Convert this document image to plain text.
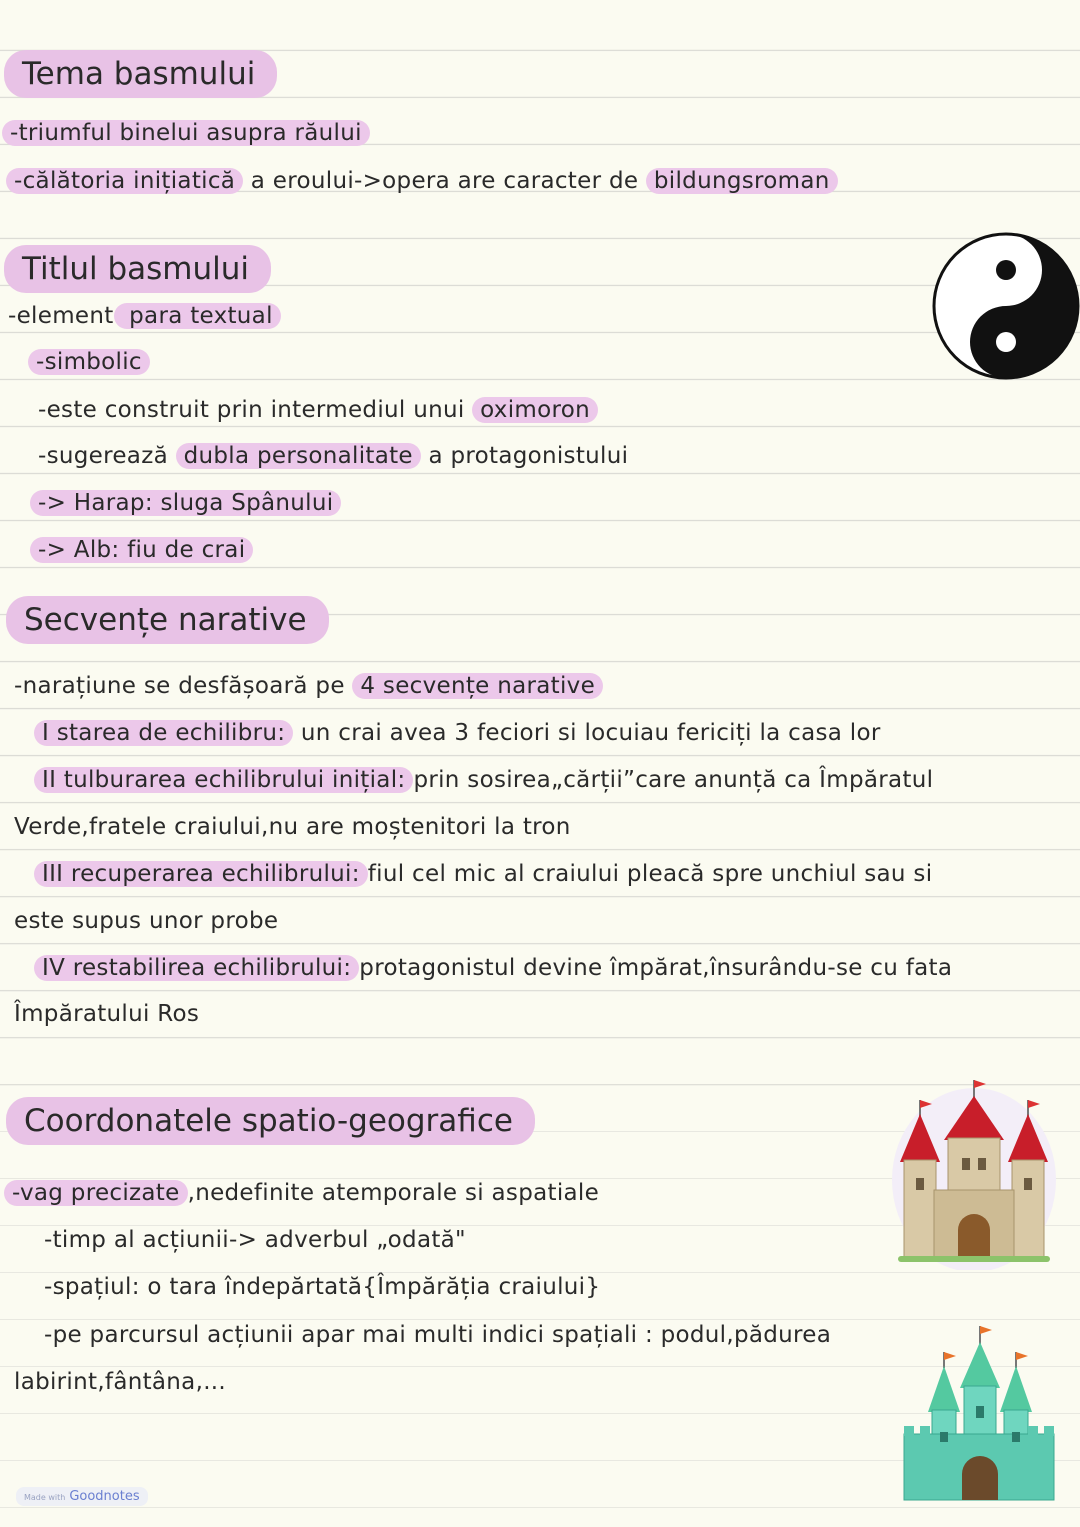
Tema basmului
-triumful binelui asupra răului
-călătoria inițiatică a eroului->opera are caracter de bildungsroman
Titlul basmului
-element para textual
-simbolic
-este construit prin intermediul unui oximoron
-sugerează dubla personalitate a protagonistului
-> Harap: sluga Spânului
-> Alb: fiu de crai
Secvențe narative
-narațiune se desfășoară pe 4 secvențe narative
I starea de echilibru: un crai avea 3 feciori si locuiau fericiți la casa lor
II tulburarea echilibrului inițial: prin sosirea„cărții”care anunță ca Împăratul
Verde,fratele craiului,nu are moștenitori la tron
III recuperarea echilibrului: fiul cel mic al craiului pleacă spre unchiul sau si
este supus unor probe
IV restabilirea echilibrului: protagonistul devine împărat,însurându-se cu fata
Împăratului Ros
Coordonatele spatio-geografice
-vag precizate ,nedefinite atemporale si aspatiale
-timp al acțiunii-> adverbul „odată"
-spațiul: o tara îndepărtată{Împărăția craiului}
-pe parcursul acțiunii apar mai multi indici spațiali : podul,pădurea
labirint,fântâna,...
Made with Goodnotes
